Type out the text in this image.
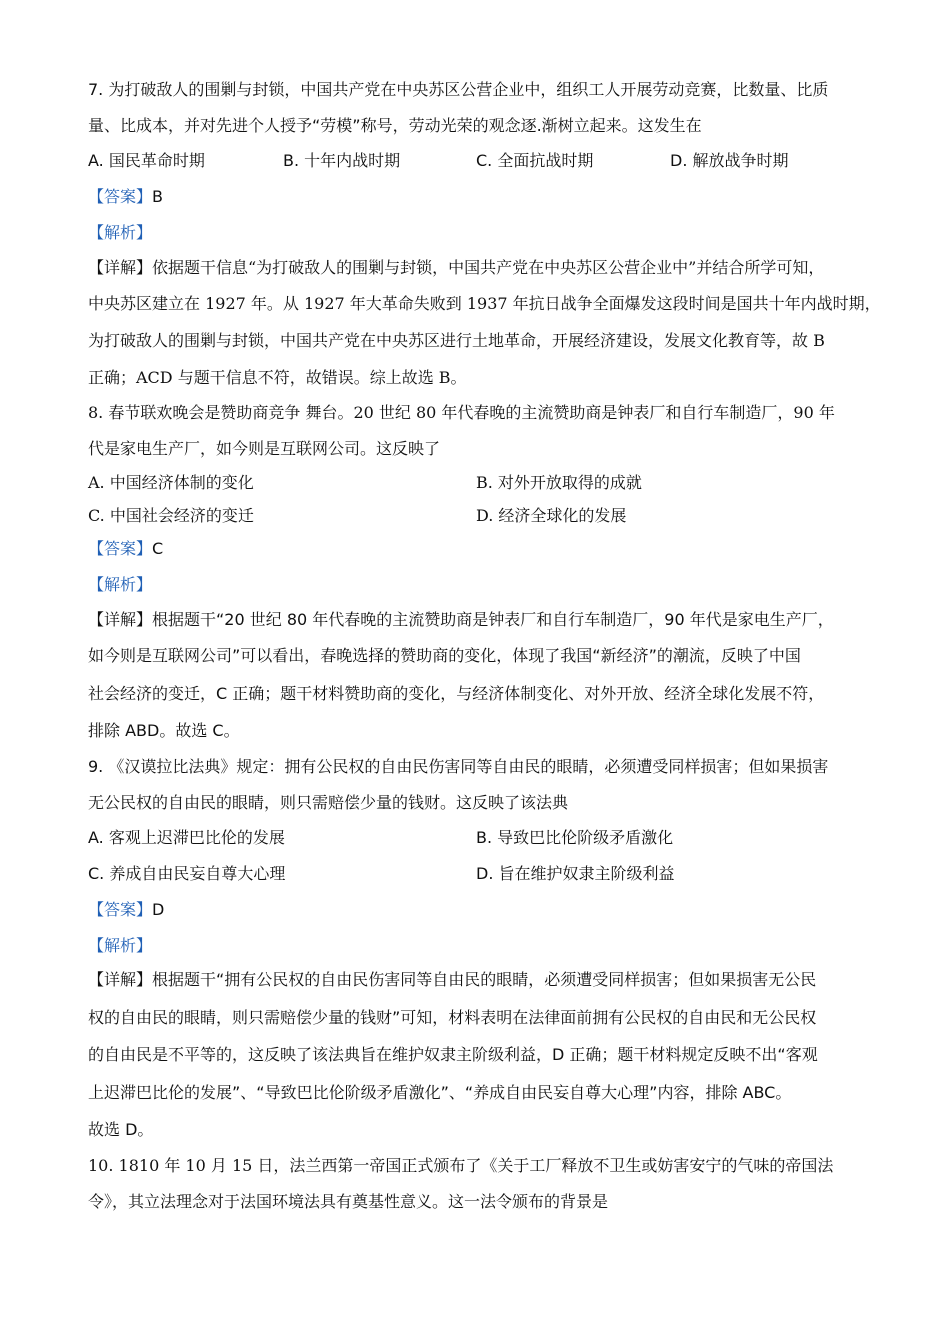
7. 为打破敌人的围剿与封锁，中国共产党在中央苏区公营企业中，组织工人开展劳动竞赛，比数量、比质
量、比成本，并对先进个人授予“劳模”称号，劳动光荣的观念逐.渐树立起来。这发生在
A. 国民革命时期	B. 十年内战时期	C. 全面抗战时期	D. 解放战争时期
【答案】B
【解析】
【详解】依据题干信息“为打破敌人的围剿与封锁，中国共产党在中央苏区公营企业中”并结合所学可知，
中央苏区建立在 1927 年。从 1927 年大革命失败到 1937 年抗日战争全面爆发这段时间是国共十年内战时期，
为打破敌人的围剿与封锁，中国共产党在中央苏区进行土地革命，开展经济建设，发展文化教育等，故 B
正确；ACD 与题干信息不符，故错误。综上故选 B。
8. 春节联欢晚会是赞助商竞争 舞台。20 世纪 80 年代春晚的主流赞助商是钟表厂和自行车制造厂，90 年
代是家电生产厂，如今则是互联网公司。这反映了
A. 中国经济体制的变化	B. 对外开放取得的成就
C. 中国社会经济的变迁	D. 经济全球化的发展
【答案】C
【解析】
【详解】根据题干“20 世纪 80 年代春晚的主流赞助商是钟表厂和自行车制造厂，90 年代是家电生产厂，
如今则是互联网公司”可以看出，春晚选择的赞助商的变化，体现了我国“新经济”的潮流，反映了中国
社会经济的变迁，C 正确；题干材料赞助商的变化，与经济体制变化、对外开放、经济全球化发展不符，
排除 ABD。故选 C。
9. 《汉谟拉比法典》规定：拥有公民权的自由民伤害同等自由民的眼睛，必须遭受同样损害；但如果损害
无公民权的自由民的眼睛，则只需赔偿少量的钱财。这反映了该法典
A. 客观上迟滞巴比伦的发展	B. 导致巴比伦阶级矛盾激化
C. 养成自由民妄自尊大心理	D. 旨在维护奴隶主阶级利益
【答案】D
【解析】
【详解】根据题干“拥有公民权的自由民伤害同等自由民的眼睛，必须遭受同样损害；但如果损害无公民
权的自由民的眼睛，则只需赔偿少量的钱财”可知，材料表明在法律面前拥有公民权的自由民和无公民权
的自由民是不平等的，这反映了该法典旨在维护奴隶主阶级利益，D 正确；题干材料规定反映不出“客观
上迟滞巴比伦的发展”、“导致巴比伦阶级矛盾激化”、“养成自由民妄自尊大心理”内容，排除 ABC。
故选 D。
10. 1810 年 10 月 15 日，法兰西第一帝国正式颁布了《关于工厂释放不卫生或妨害安宁的气味的帝国法
令》，其立法理念对于法国环境法具有奠基性意义。这一法令颁布的背景是
